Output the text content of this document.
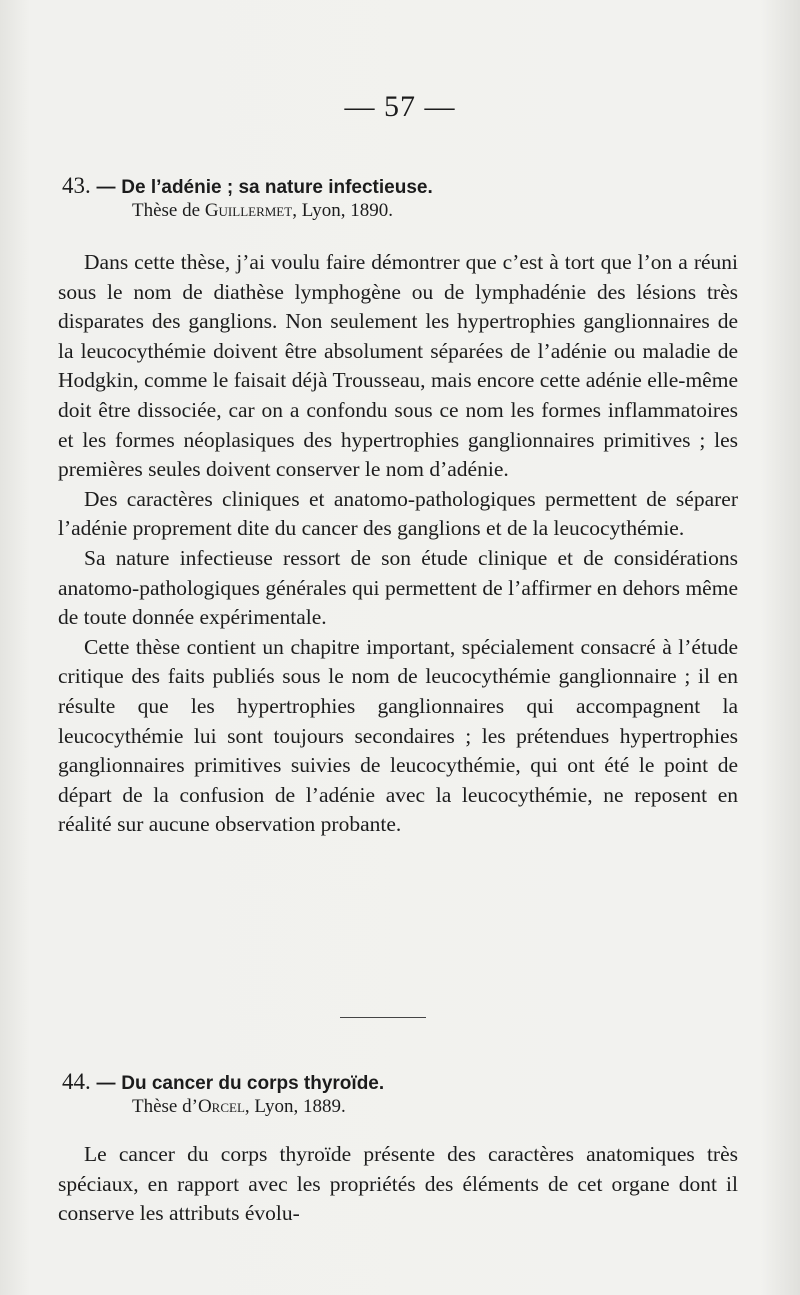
— 57 —
43. — De l’adénie ; sa nature infectieuse.
Thèse de Guillermet, Lyon, 1890.

Dans cette thèse, j’ai voulu faire démontrer que c’est à tort que l’on a réuni sous le nom de diathèse lymphogène ou de lymphadénie des lésions très disparates des ganglions. Non seulement les hypertrophies ganglionnaires de la leucocythémie doivent être absolument séparées de l’adénie ou maladie de Hodgkin, comme le faisait déjà Trousseau, mais encore cette adénie elle-même doit être dissociée, car on a confondu sous ce nom les formes inflammatoires et les formes néoplasiques des hypertrophies ganglionnaires primitives ; les premières seules doivent conserver le nom d’adénie.

Des caractères cliniques et anatomo-pathologiques permettent de séparer l’adénie proprement dite du cancer des ganglions et de la leucocythémie.

Sa nature infectieuse ressort de son étude clinique et de considérations anatomo-pathologiques générales qui permettent de l’affirmer en dehors même de toute donnée expérimentale.

Cette thèse contient un chapitre important, spécialement consacré à l’étude critique des faits publiés sous le nom de leucocythémie ganglionnaire ; il en résulte que les hypertrophies ganglionnaires qui accompagnent la leucocythémie lui sont toujours secondaires ; les prétendues hypertrophies ganglionnaires primitives suivies de leucocythémie, qui ont été le point de départ de la confusion de l’adénie avec la leucocythémie, ne reposent en réalité sur aucune observation probante.

44. — Du cancer du corps thyroïde.
Thèse d’Orcel, Lyon, 1889.

Le cancer du corps thyroïde présente des caractères anatomiques très spéciaux, en rapport avec les propriétés des éléments de cet organe dont il conserve les attributs évolu-
